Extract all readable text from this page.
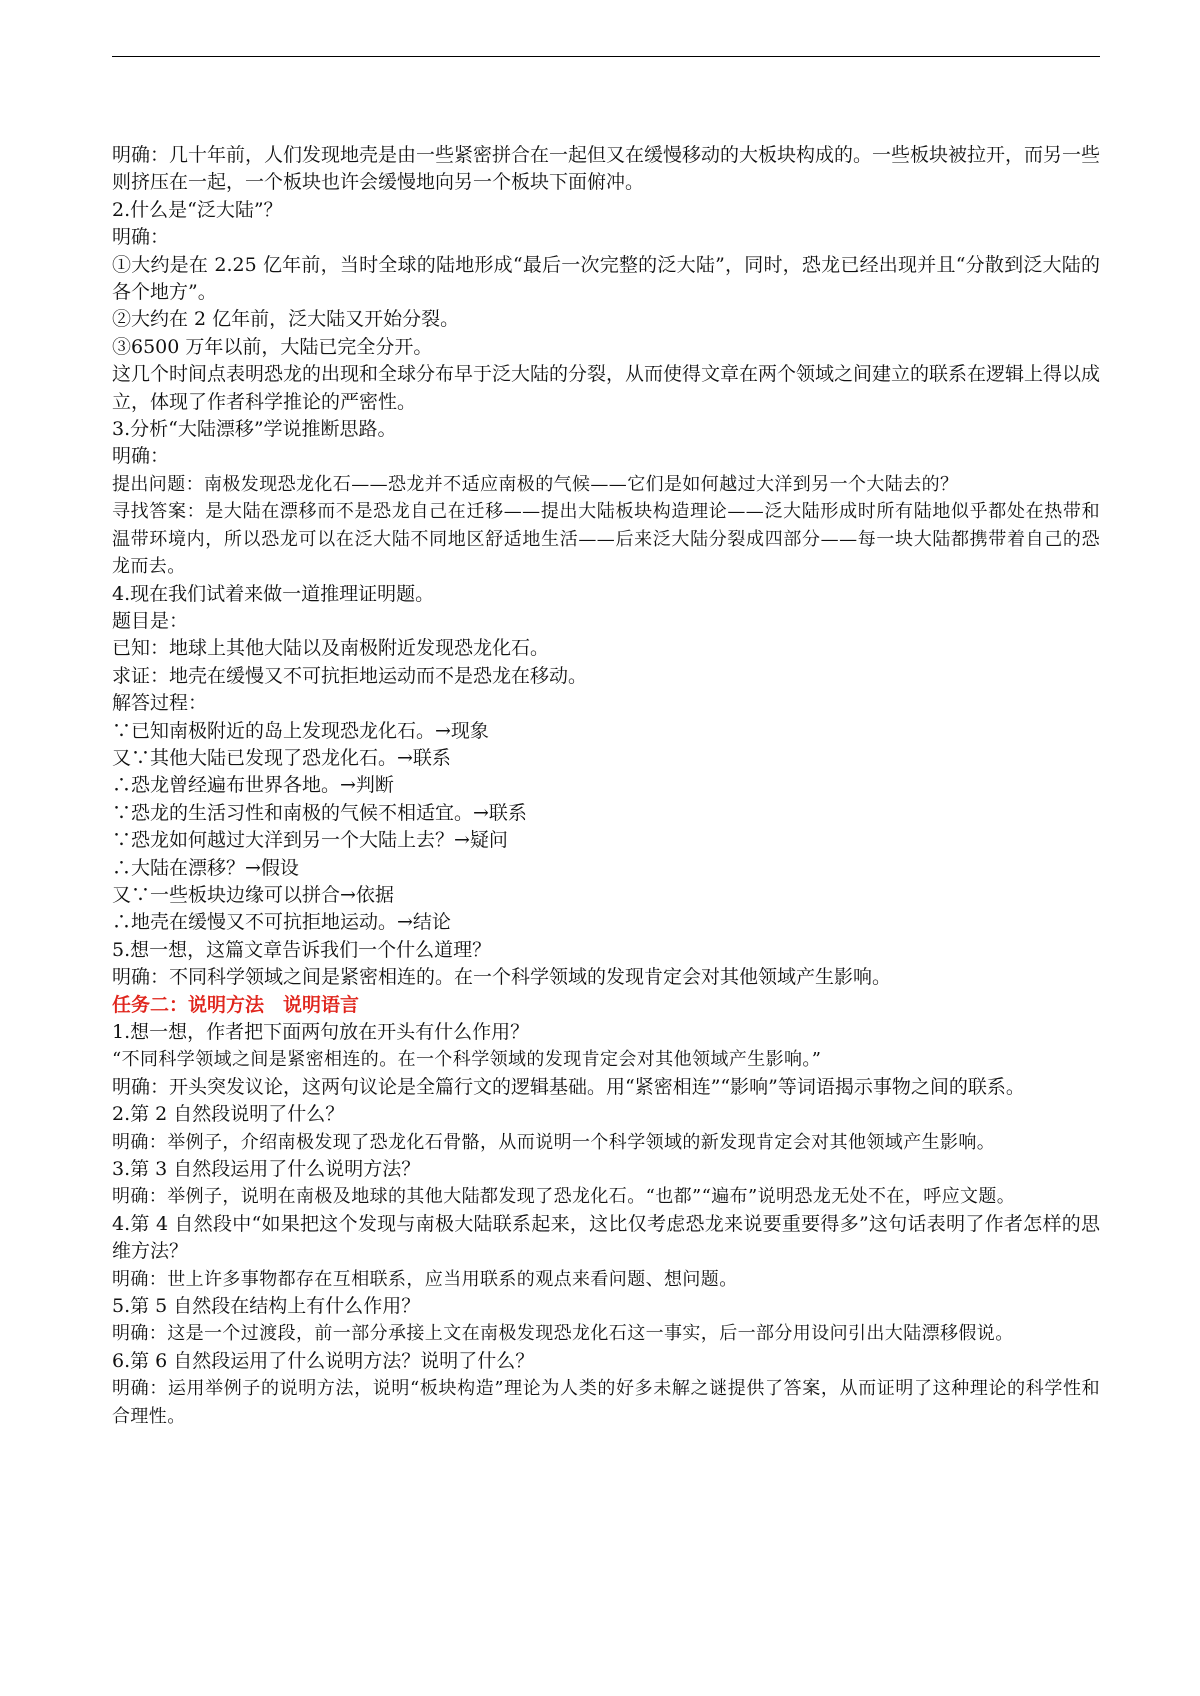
明确：几十年前，人们发现地壳是由一些紧密拼合在一起但又在缓慢移动的大板块构成的。一些板块被拉开，而另一些则挤压在一起，一个板块也许会缓慢地向另一个板块下面俯冲。

2.什么是“泛大陆”？

明确：

①大约是在 2.25 亿年前，当时全球的陆地形成“最后一次完整的泛大陆”，同时，恐龙已经出现并且“分散到泛大陆的各个地方”。

②大约在 2 亿年前，泛大陆又开始分裂。

③6500 万年以前，大陆已完全分开。

这几个时间点表明恐龙的出现和全球分布早于泛大陆的分裂，从而使得文章在两个领域之间建立的联系在逻辑上得以成立，体现了作者科学推论的严密性。

3.分析“大陆漂移”学说推断思路。

明确：

提出问题：南极发现恐龙化石——恐龙并不适应南极的气候——它们是如何越过大洋到另一个大陆去的？

寻找答案：是大陆在漂移而不是恐龙自己在迁移——提出大陆板块构造理论——泛大陆形成时所有陆地似乎都处在热带和温带环境内，所以恐龙可以在泛大陆不同地区舒适地生活——后来泛大陆分裂成四部分——每一块大陆都携带着自己的恐龙而去。

4.现在我们试着来做一道推理证明题。

题目是：

已知：地球上其他大陆以及南极附近发现恐龙化石。

求证：地壳在缓慢又不可抗拒地运动而不是恐龙在移动。

解答过程：

∵已知南极附近的岛上发现恐龙化石。→现象

又∵其他大陆已发现了恐龙化石。→联系

∴恐龙曾经遍布世界各地。→判断

∵恐龙的生活习性和南极的气候不相适宜。→联系

∵恐龙如何越过大洋到另一个大陆上去？→疑问

∴大陆在漂移？→假设

又∵一些板块边缘可以拼合→依据

∴地壳在缓慢又不可抗拒地运动。→结论

5.想一想，这篇文章告诉我们一个什么道理？

明确：不同科学领域之间是紧密相连的。在一个科学领域的发现肯定会对其他领域产生影响。

任务二：说明方法　说明语言

1.想一想，作者把下面两句放在开头有什么作用？

“不同科学领域之间是紧密相连的。在一个科学领域的发现肯定会对其他领域产生影响。”

明确：开头突发议论，这两句议论是全篇行文的逻辑基础。用“紧密相连”“影响”等词语揭示事物之间的联系。

2.第 2 自然段说明了什么？

明确：举例子，介绍南极发现了恐龙化石骨骼，从而说明一个科学领域的新发现肯定会对其他领域产生影响。

3.第 3 自然段运用了什么说明方法？

明确：举例子，说明在南极及地球的其他大陆都发现了恐龙化石。“也都”“遍布”说明恐龙无处不在，呼应文题。

4.第 4 自然段中“如果把这个发现与南极大陆联系起来，这比仅考虑恐龙来说要重要得多”这句话表明了作者怎样的思维方法？

明确：世上许多事物都存在互相联系，应当用联系的观点来看问题、想问题。

5.第 5 自然段在结构上有什么作用？

明确：这是一个过渡段，前一部分承接上文在南极发现恐龙化石这一事实，后一部分用设问引出大陆漂移假说。

6.第 6 自然段运用了什么说明方法？说明了什么？

明确：运用举例子的说明方法，说明“板块构造”理论为人类的好多未解之谜提供了答案，从而证明了这种理论的科学性和合理性。
